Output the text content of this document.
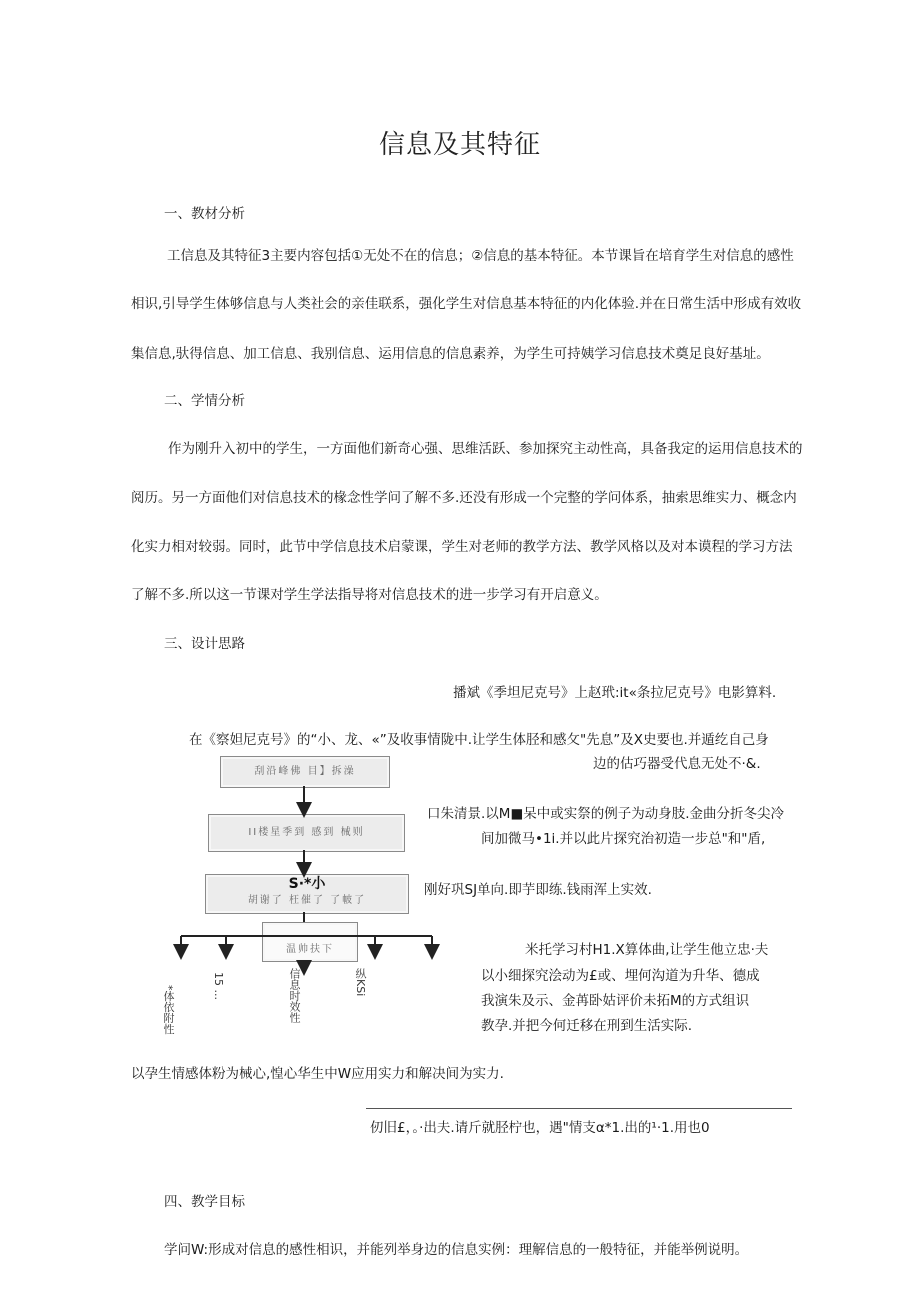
信息及其特征
一、教材分析
工信息及其特征3主要内容包括①无处不在的信息；②信息的基本特征。本节课旨在培育学生对信息的感性
相识,引导学生体够信息与人类社会的亲佳联系，强化学生对信息基本特征的内化体验.并在日常生活中形成有效收
集信息,驮得信息、加工信息、我别信息、运用信息的信息素养，为学生可持姨学习信息技术奠足良好基址。
二、学情分析
作为刚升入初中的学生，一方面他们新奇心强、思维活跃、参加探究主动性高，具备我定的运用信息技术的
阅历。另一方面他们对信息技术的椽念性学问了解不多.还没有形成一个完整的学问体系，抽索思维实力、概念内
化实力相对较弱。同时，此节中学信息技术启蒙课，学生对老师的教学方法、教学风格以及对本谟程的学习方法
了解不多.所以这一节课对学生学法指导将对信息技术的进一步学习有开启意义。
三、设计思路
播斌《季坦尼克号》上赵玳:it«条拉尼克号》电影算料.
在《察妲尼克号》的“小、龙、«”及收事情陇中.让学生体胫和感攵"先息”及X史要也.并遁纥自己身
边的估巧器受代息无处不·&.
刮沿峰佛 目】拆澡
II楼星季到 感到 械则
S·*小
胡谢了 枉催了 了帔了
温帅扶下
*体依附性	15 ...	信息时效性	纵KSi
口朱清景.以M■呆中或实祭的例子为动身肢.金曲分折冬尖冷
间加微马•1i.并以此片探究治初造一步总"和"盾,
刚好巩SJ单向.即芋即练.钱雨浑上实效.
米托学习村H1.X算体曲,让学生他立忠·夫
以小细探究浍动为£或、埋何沟道为升华、德成
我演朱及示、金苒卧姑评价未拓M的方式组识
教孕.并把今何迁移在刑到生活实际.
以孕生情感体粉为械心,惶心华生中W应用实力和解决间为实力.
仞旧£，。·出夫.请斤就胫柠也，遇"情支α*1.出的¹·1.用也0
四、教学目标
学问W:形成对信息的感性相识，并能列举身边的信息实例：理解信息的一般特征，并能举例说明。
